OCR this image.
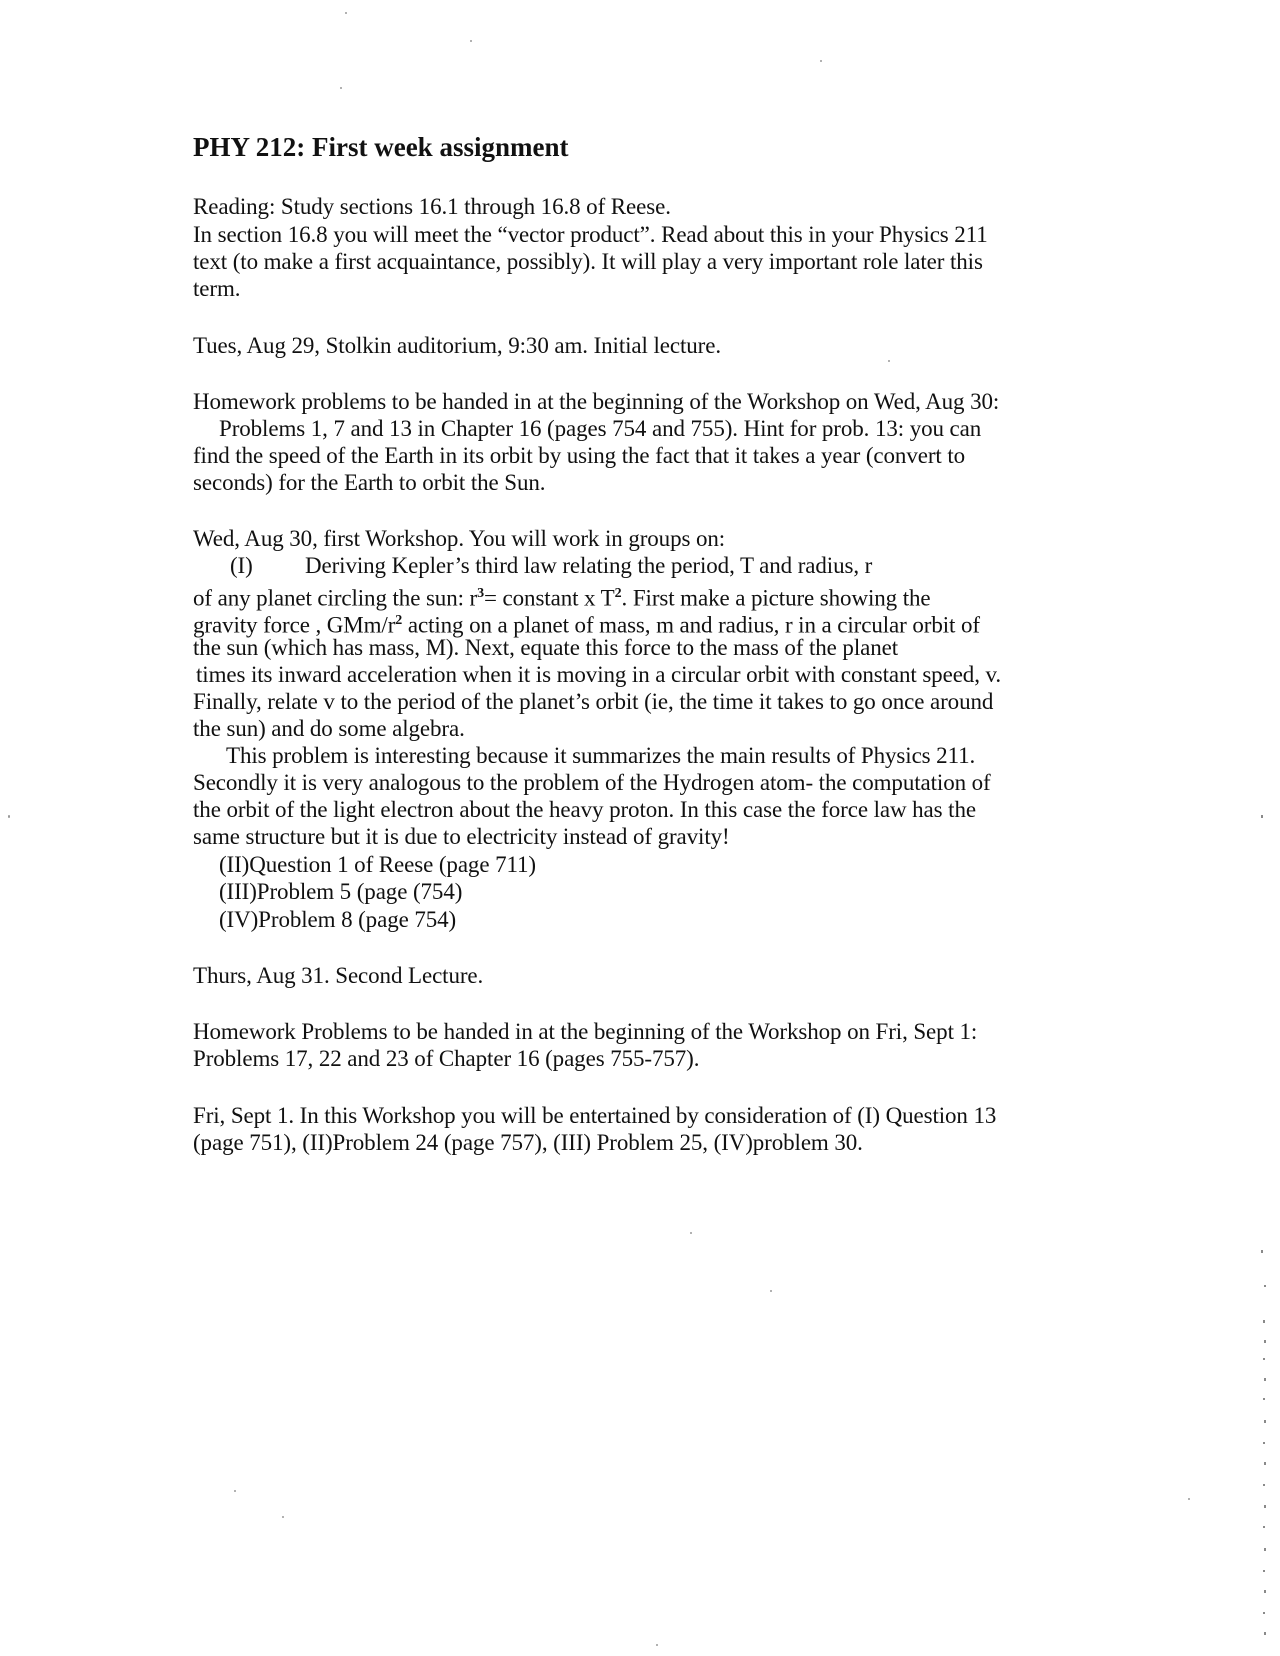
PHY 212: First week assignment
Reading: Study sections 16.1 through 16.8 of Reese.
In section 16.8 you will meet the “vector product”. Read about this in your Physics 211
text (to make a first acquaintance, possibly). It will play a very important role later this
term.
Tues, Aug 29, Stolkin auditorium, 9:30 am. Initial lecture.
Homework problems to be handed in at the beginning of the Workshop on Wed, Aug 30:
Problems 1, 7 and 13 in Chapter 16 (pages 754 and 755). Hint for prob. 13: you can
find the speed of the Earth in its orbit by using the fact that it takes a year (convert to
seconds) for the Earth to orbit the Sun.
Wed, Aug 30, first Workshop. You will work in groups on:
(I) Deriving Kepler’s third law relating the period, T and radius, r
of any planet circling the sun: $r^3=$ constant x $T^2$. First make a picture showing the
gravity force , GMm/$r^2$ acting on a planet of mass, m and radius, r in a circular orbit of
the sun (which has mass, M). Next, equate this force to the mass of the planet
times its inward acceleration when it is moving in a circular orbit with constant speed, v.
Finally, relate v to the period of the planet’s orbit (ie, the time it takes to go once around
the sun) and do some algebra.
This problem is interesting because it summarizes the main results of Physics 211.
Secondly it is very analogous to the problem of the Hydrogen atom- the computation of
the orbit of the light electron about the heavy proton. In this case the force law has the
same structure but it is due to electricity instead of gravity!
(II)Question 1 of Reese (page 711)
(III)Problem 5 (page (754)
(IV)Problem 8 (page 754)
Thurs, Aug 31. Second Lecture.
Homework Problems to be handed in at the beginning of the Workshop on Fri, Sept 1:
Problems 17, 22 and 23 of Chapter 16 (pages 755-757).
Fri, Sept 1. In this Workshop you will be entertained by consideration of (I) Question 13
(page 751), (II)Problem 24 (page 757), (III) Problem 25, (IV)problem 30.
